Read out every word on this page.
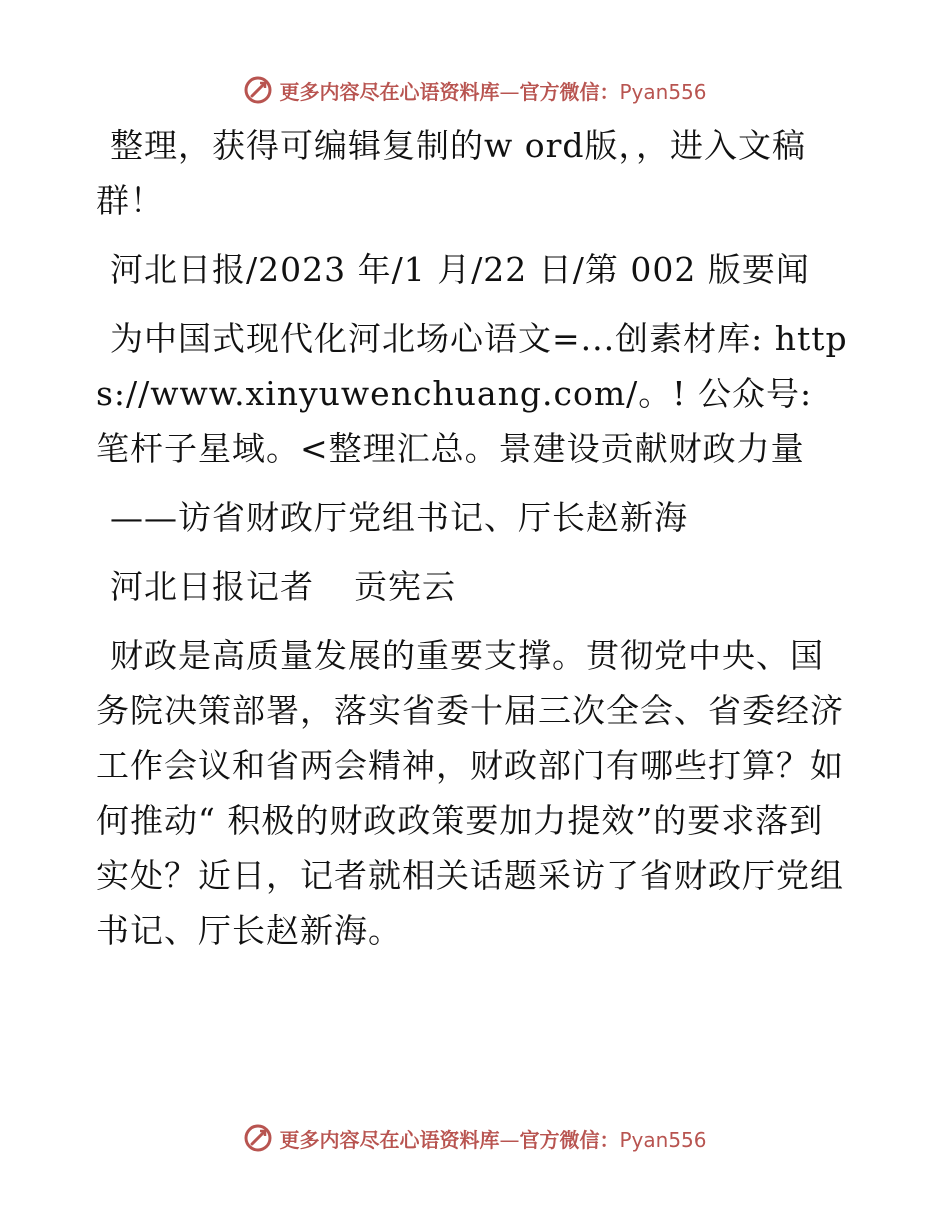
更多内容尽在心语资料库—官方微信：Pyan556

整理，获得可编辑复制的w ord版，，进入文稿群！

河北日报/2023 年/1 月/22 日/第 002 版要闻

为中国式现代化河北场心语文=...创素材库: https://www.xinyuwenchuang.com/。! 公众号: 笔杆子星域。<整理汇总。景建设贡献财政力量

——访省财政厅党组书记、厅长赵新海

河北日报记者 贡宪云

财政是高质量发展的重要支撑。贯彻党中央、国务院决策部署，落实省委十届三次全会、省委经济工作会议和省两会精神，财政部门有哪些打算？如何推动“ 积极的财政政策要加力提效”的要求落到实处？近日，记者就相关话题采访了省财政厅党组书记、厅长赵新海。

更多内容尽在心语资料库—官方微信：Pyan556
